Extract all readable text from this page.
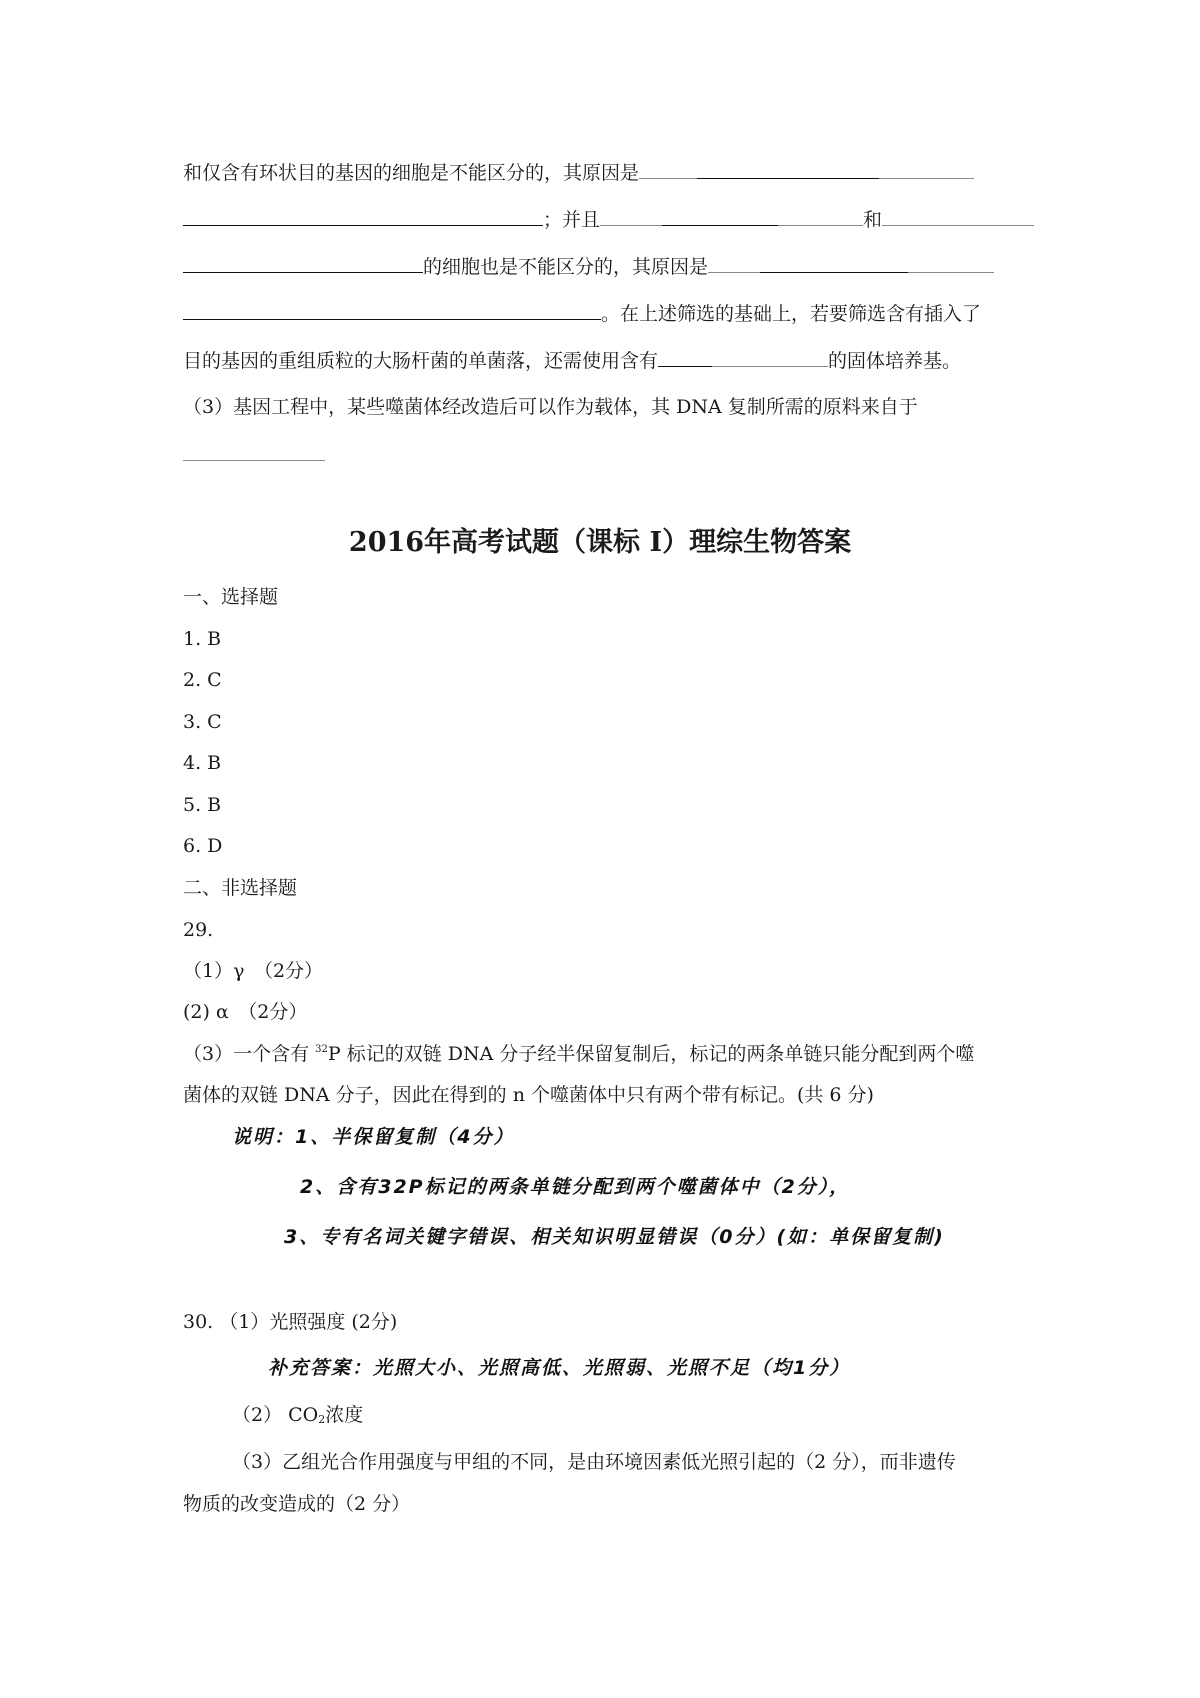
和仅含有环状目的基因的细胞是不能区分的，其原因是
；并且	和
的细胞也是不能区分的，其原因是
。在上述筛选的基础上，若要筛选含有插入了
目的基因的重组质粒的大肠杆菌的单菌落，还需使用含有	的固体培养基。
（3）基因工程中，某些噬菌体经改造后可以作为载体，其 DNA 复制所需的原料来自于
2016年高考试题（课标 Ⅰ）理综生物答案
一、选择题
1. B
2. C
3. C
4. B
5. B
6. D
二、非选择题
29.
（1）γ　（2分）
(2) α　（2分）
（3）一个含有 $^{32}$P 标记的双链 DNA 分子经半保留复制后，标记的两条单链只能分配到两个噬
菌体的双链 DNA 分子，因此在得到的 n 个噬菌体中只有两个带有标记。(共 6 分)
说明：1、半保留复制（4分）
2、含有32P标记的两条单链分配到两个噬菌体中（2分），
3、专有名词关键字错误、相关知识明显错误（0分）(如：单保留复制)
30. （1）光照强度 (2分)
补充答案：光照大小、光照高低、光照弱、光照不足（均1分）
（2） $CO_2$浓度
（3）乙组光合作用强度与甲组的不同，是由环境因素低光照引起的（2 分），而非遗传
物质的改变造成的（2 分）
